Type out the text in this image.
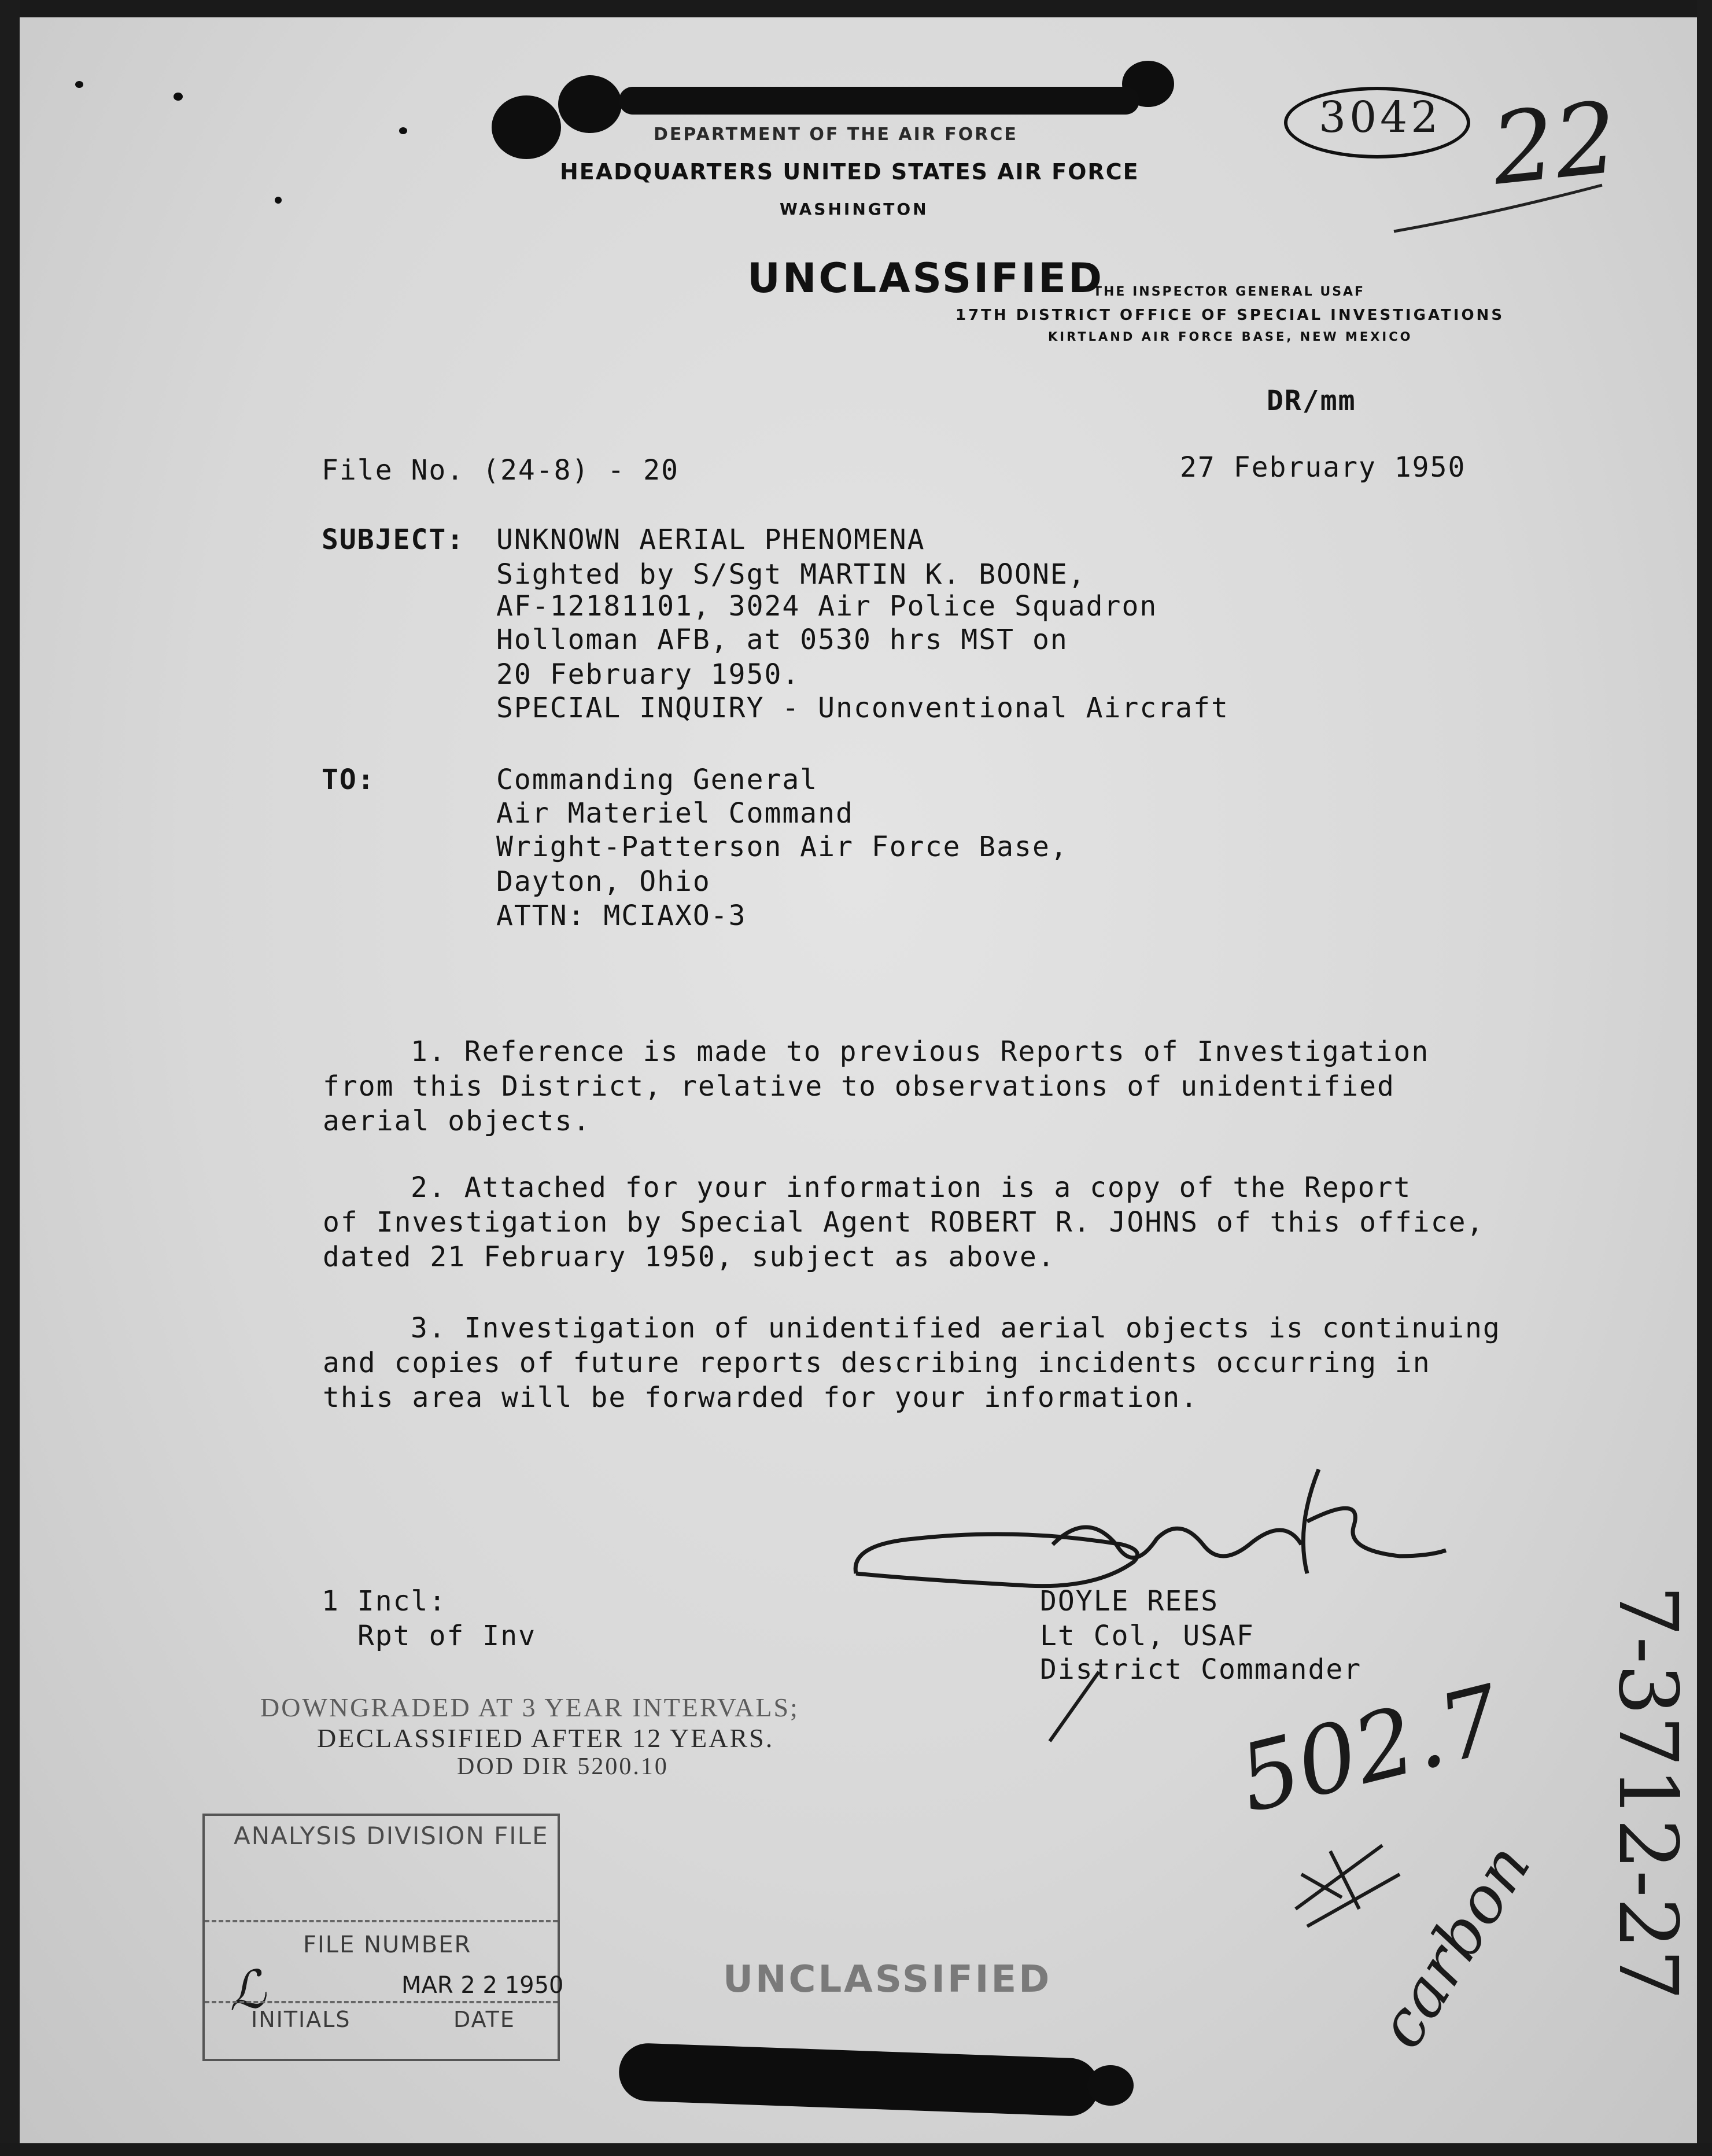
DEPARTMENT OF THE AIR FORCE
HEADQUARTERS UNITED STATES AIR FORCE
WASHINGTON
UNCLASSIFIED
THE INSPECTOR GENERAL USAF
17TH DISTRICT OFFICE OF SPECIAL INVESTIGATIONS
KIRTLAND AIR FORCE BASE, NEW MEXICO
3042 22
DR/mm
File No. (24-8) - 20	27 February 1950
SUBJECT: UNKNOWN AERIAL PHENOMENA
Sighted by S/Sgt MARTIN K. BOONE,
AF-12181101, 3024 Air Police Squadron
Holloman AFB, at 0530 hrs MST on
20 February 1950.
SPECIAL INQUIRY - Unconventional Aircraft
TO:	Commanding General
Air Materiel Command
Wright-Patterson Air Force Base,
Dayton, Ohio
ATTN: MCIAXO-3
1. Reference is made to previous Reports of Investigation
from this District, relative to observations of unidentified
aerial objects.
2. Attached for your information is a copy of the Report
of Investigation by Special Agent ROBERT R. JOHNS of this office,
dated 21 February 1950, subject as above.
3. Investigation of unidentified aerial objects is continuing
and copies of future reports describing incidents occurring in
this area will be forwarded for your information.
1 Incl:
Rpt of Inv
DOYLE REES
Lt Col, USAF
District Commander
DOWNGRADED AT 3 YEAR INTERVALS;
DECLASSIFIED AFTER 12 YEARS.
DOD DIR 5200.10	502.7 7-3712-27
carbon
ANALYSIS DIVISION FILE
FILE NUMBER
ℒ	MAR 2 2 1950
INITIALS	DATE
UNCLASSIFIED
